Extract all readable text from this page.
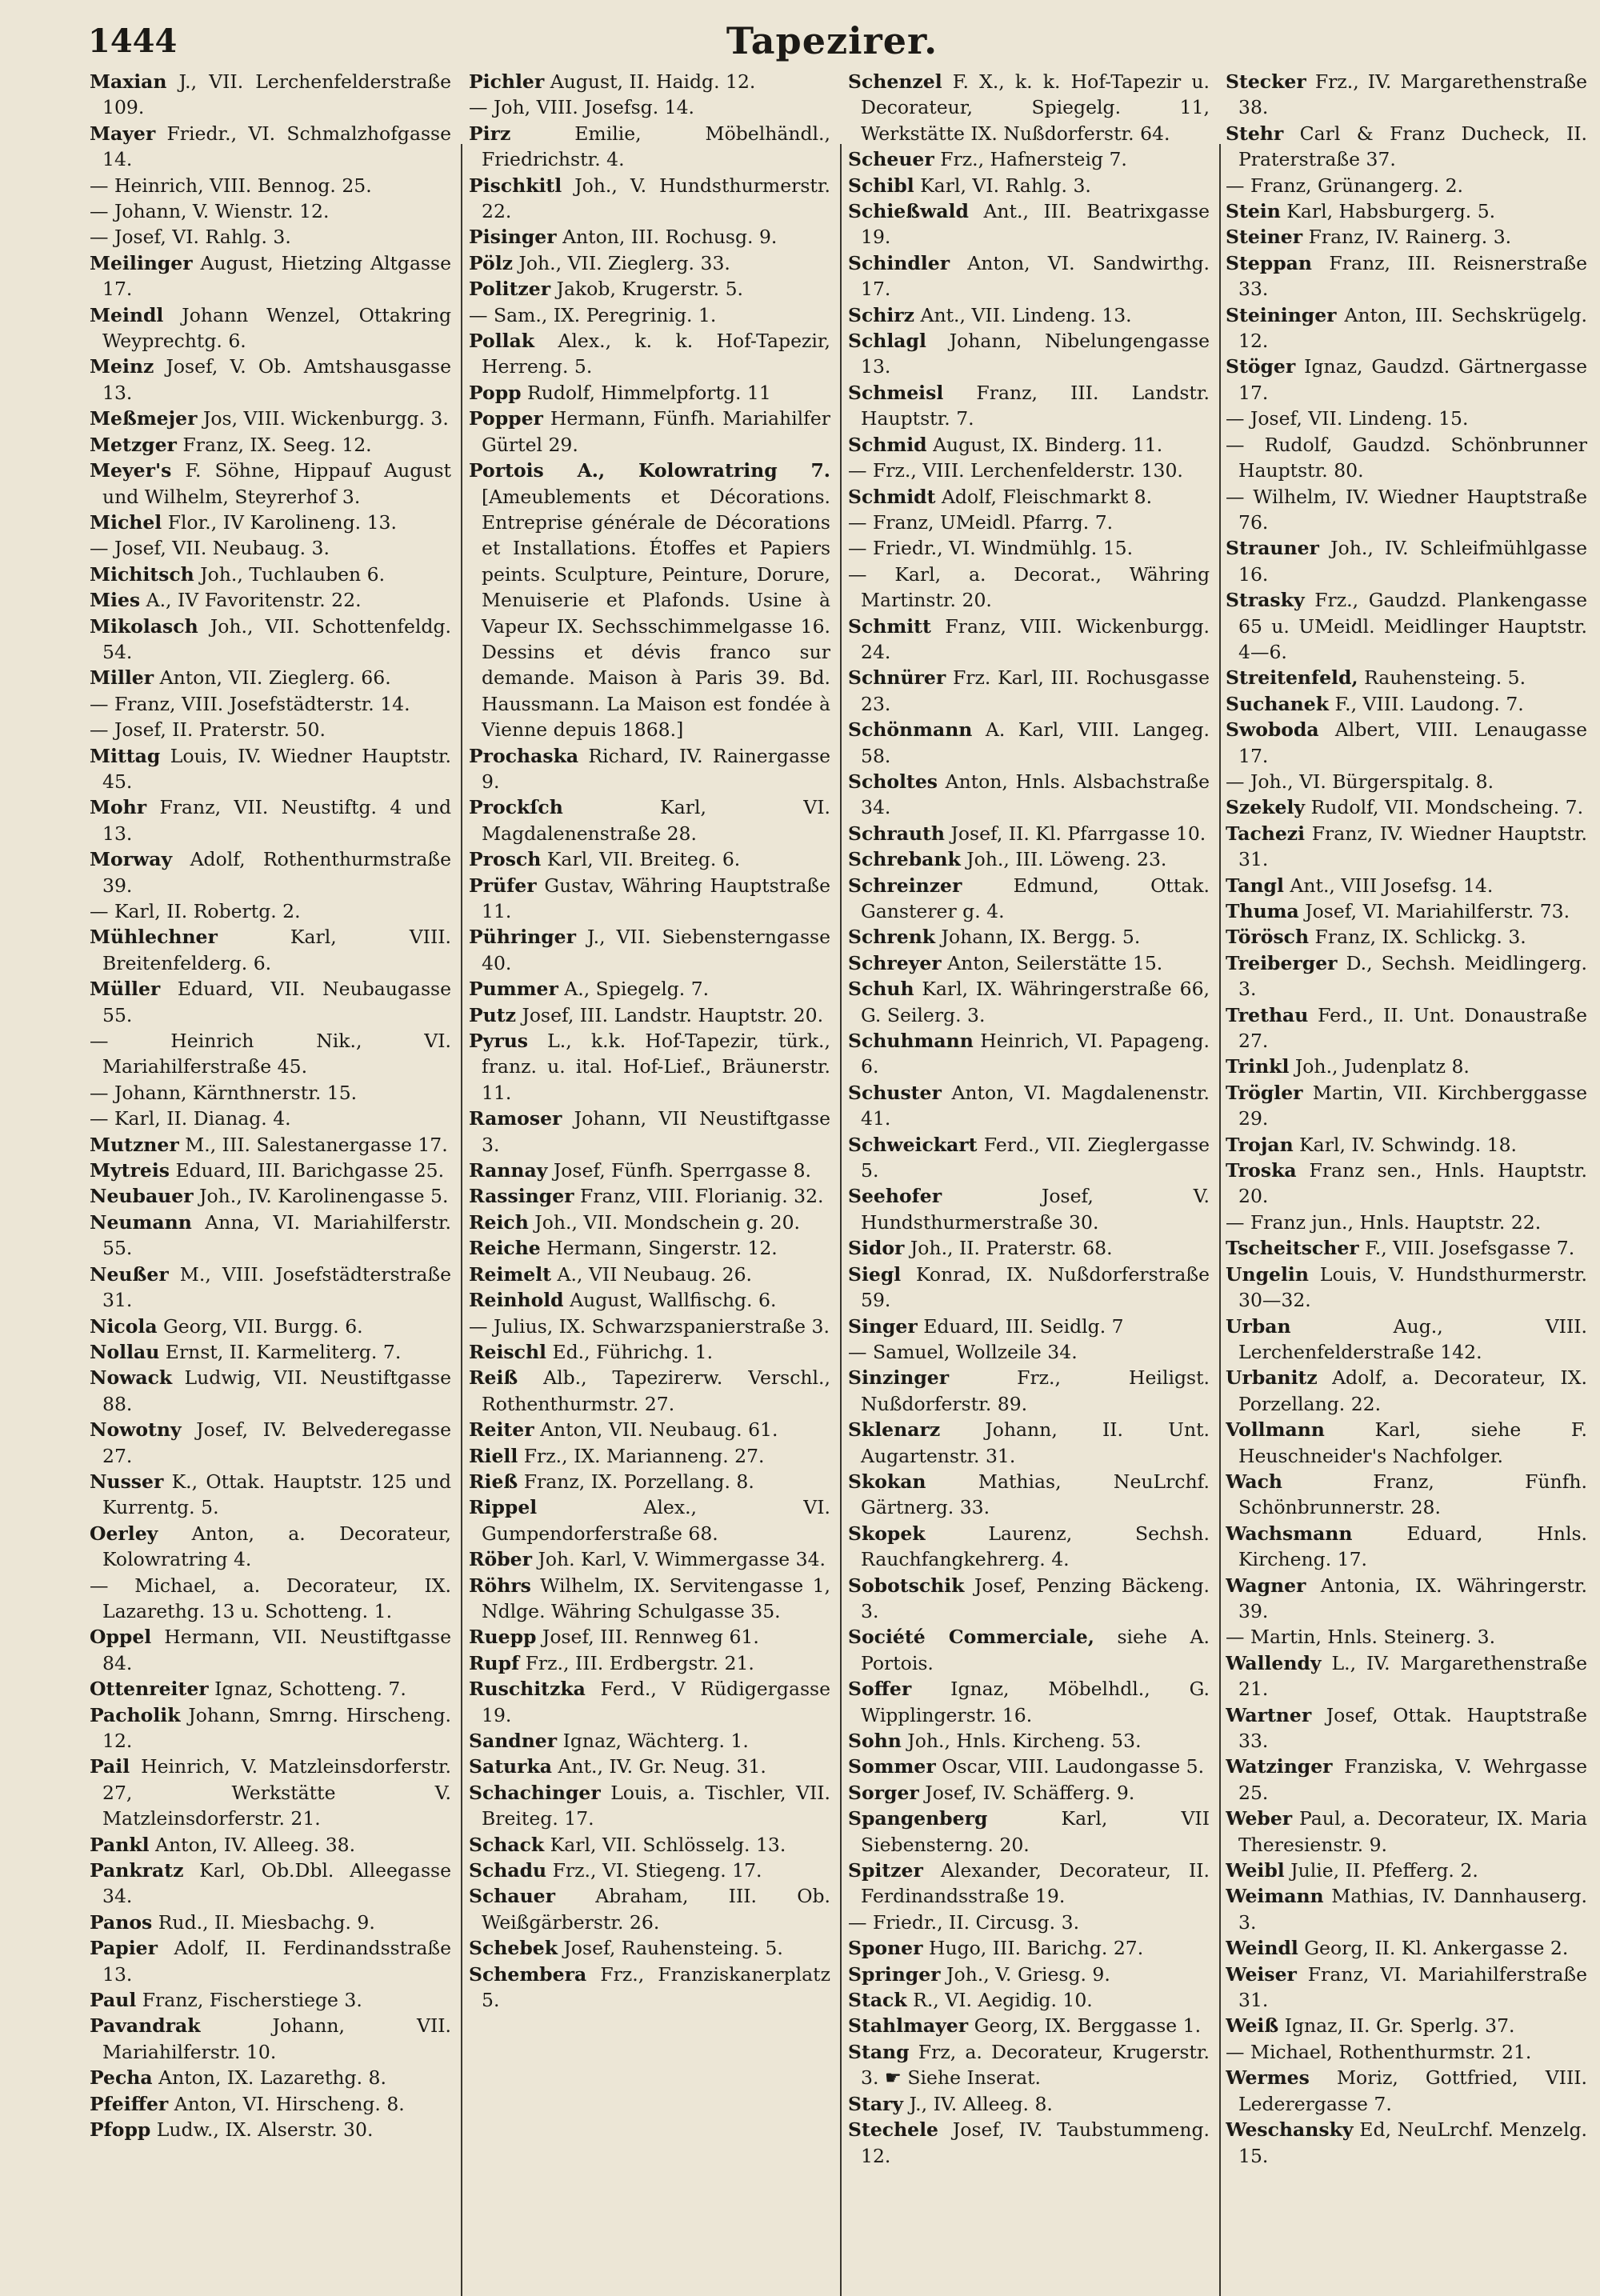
1444	Tapezirer.
Maxian J., VII. Lerchenfelderstraße 109.
Mayer Friedr., VI. Schmalzhofgasse 14.
— Heinrich, VIII. Bennog. 25.
— Johann, V. Wienstr. 12.
— Josef, VI. Rahlg. 3.
Meilinger August, Hietzing Altgasse 17.
Meindl Johann Wenzel, Ottakring Weyprechtg. 6.
Meinz Josef, V. Ob. Amtshausgasse 13.
Meßmejer Jos, VIII. Wickenburgg. 3.
Metzger Franz, IX. Seeg. 12.
Meyer's F. Söhne, Hippauf August und Wilhelm, Steyrerhof 3.
Michel Flor., IV Karolineng. 13.
— Josef, VII. Neubaug. 3.
Michitsch Joh., Tuchlauben 6.
Mies A., IV Favoritenstr. 22.
Mikolasch Joh., VII. Schottenfeldg. 54.
Miller Anton, VII. Zieglerg. 66.
— Franz, VIII. Josefstädterstr. 14.
— Josef, II. Praterstr. 50.
Mittag Louis, IV. Wiedner Hauptstr. 45.
Mohr Franz, VII. Neustiftg. 4 und 13.
Morway Adolf, Rothenthurmstraße 39.
— Karl, II. Robertg. 2.
Mühlechner Karl, VIII. Breitenfelderg. 6.
Müller Eduard, VII. Neubaugasse 55.
— Heinrich Nik., VI. Mariahilferstraße 45.
— Johann, Kärnthnerstr. 15.
— Karl, II. Dianag. 4.
Mutzner M., III. Salestanergasse 17.
Mytreis Eduard, III. Barichgasse 25.
Neubauer Joh., IV. Karolinengasse 5.
Neumann Anna, VI. Mariahilferstr. 55.
Neußer M., VIII. Josefstädterstraße 31.
Nicola Georg, VII. Burgg. 6.
Nollau Ernst, II. Karmeliterg. 7.
Nowack Ludwig, VII. Neustiftgasse 88.
Nowotny Josef, IV. Belvederegasse 27.
Nusser K., Ottak. Hauptstr. 125 und Kurrentg. 5.
Oerley Anton, a. Decorateur, Kolowratring 4.
— Michael, a. Decorateur, IX. Lazarethg. 13 u. Schotteng. 1.
Oppel Hermann, VII. Neustiftgasse 84.
Ottenreiter Ignaz, Schotteng. 7.
Pacholik Johann, Smrng. Hirscheng. 12.
Pail Heinrich, V. Matzleinsdorferstr. 27, Werkstätte V. Matzleinsdorferstr. 21.
Pankl Anton, IV. Alleeg. 38.
Pankratz Karl, Ob.Dbl. Alleegasse 34.
Panos Rud., II. Miesbachg. 9.
Papier Adolf, II. Ferdinandsstraße 13.
Paul Franz, Fischerstiege 3.
Pavandrak Johann, VII. Mariahilferstr. 10.
Pecha Anton, IX. Lazarethg. 8.
Pfeiffer Anton, VI. Hirscheng. 8.
Pfopp Ludw., IX. Alserstr. 30.
Pichler August, II. Haidg. 12.
— Joh, VIII. Josefsg. 14.
Pirz Emilie, Möbelhändl., Friedrichstr. 4.
Pischkitl Joh., V. Hundsthurmerstr. 22.
Pisinger Anton, III. Rochusg. 9.
Pölz Joh., VII. Zieglerg. 33.
Politzer Jakob, Krugerstr. 5.
— Sam., IX. Peregrinig. 1.
Pollak Alex., k. k. Hof-Tapezir, Herreng. 5.
Popp Rudolf, Himmelpfortg. 11
Popper Hermann, Fünfh. Mariahilfer Gürtel 29.
Portois A., Kolowratring 7. [Ameublements et Décorations. Entreprise générale de Décorations et Installations. Étoffes et Papiers peints. Sculpture, Peinture, Dorure, Menuiserie et Plafonds. Usine à Vapeur IX. Sechsschimmelgasse 16. Dessins et dévis franco sur demande. Maison à Paris 39. Bd. Haussmann. La Maison est fondée à Vienne depuis 1868.]
Prochaska Richard, IV. Rainergasse 9.
Prockſch Karl, VI. Magdalenenstraße 28.
Prosch Karl, VII. Breiteg. 6.
Prüfer Gustav, Währing Hauptstraße 11.
Pühringer J., VII. Siebensterngasse 40.
Pummer A., Spiegelg. 7.
Putz Josef, III. Landstr. Hauptstr. 20.
Pyrus L., k.k. Hof-Tapezir, türk., franz. u. ital. Hof-Lief., Bräunerstr. 11.
Ramoser Johann, VII Neustiftgasse 3.
Rannay Josef, Fünfh. Sperrgasse 8.
Rassinger Franz, VIII. Florianig. 32.
Reich Joh., VII. Mondschein g. 20.
Reiche Hermann, Singerstr. 12.
Reimelt A., VII Neubaug. 26.
Reinhold August, Wallfischg. 6.
— Julius, IX. Schwarzspanierstraße 3.
Reischl Ed., Führichg. 1.
Reiß Alb., Tapezirerw. Verschl., Rothenthurmstr. 27.
Reiter Anton, VII. Neubaug. 61.
Riell Frz., IX. Marianneng. 27.
Rieß Franz, IX. Porzellang. 8.
Rippel Alex., VI. Gumpendorferstraße 68.
Röber Joh. Karl, V. Wimmergasse 34.
Röhrs Wilhelm, IX. Servitengasse 1, Ndlge. Währing Schulgasse 35.
Ruepp Josef, III. Rennweg 61.
Rupf Frz., III. Erdbergstr. 21.
Ruschitzka Ferd., V Rüdigergasse 19.
Sandner Ignaz, Wächterg. 1.
Saturka Ant., IV. Gr. Neug. 31.
Schachinger Louis, a. Tischler, VII. Breiteg. 17.
Schack Karl, VII. Schlösselg. 13.
Schadu Frz., VI. Stiegeng. 17.
Schauer Abraham, III. Ob. Weißgärberstr. 26.
Schebek Josef, Rauhensteing. 5.
Schembera Frz., Franziskanerplatz 5.
Schenzel F. X., k. k. Hof-Tapezir u. Decorateur, Spiegelg. 11, Werkstätte IX. Nußdorferstr. 64.
Scheuer Frz., Hafnersteig 7.
Schibl Karl, VI. Rahlg. 3.
Schießwald Ant., III. Beatrixgasse 19.
Schindler Anton, VI. Sandwirthg. 17.
Schirz Ant., VII. Lindeng. 13.
Schlagl Johann, Nibelungengasse 13.
Schmeisl Franz, III. Landstr. Hauptstr. 7.
Schmid August, IX. Binderg. 11.
— Frz., VIII. Lerchenfelderstr. 130.
Schmidt Adolf, Fleischmarkt 8.
— Franz, UMeidl. Pfarrg. 7.
— Friedr., VI. Windmühlg. 15.
— Karl, a. Decorat., Währing Martinstr. 20.
Schmitt Franz, VIII. Wickenburgg. 24.
Schnürer Frz. Karl, III. Rochusgasse 23.
Schönmann A. Karl, VIII. Langeg. 58.
Scholtes Anton, Hnls. Alsbachstraße 34.
Schrauth Josef, II. Kl. Pfarrgasse 10.
Schrebank Joh., III. Löweng. 23.
Schreinzer Edmund, Ottak. Gansterer g. 4.
Schrenk Johann, IX. Bergg. 5.
Schreyer Anton, Seilerstätte 15.
Schuh Karl, IX. Währingerstraße 66, G. Seilerg. 3.
Schuhmann Heinrich, VI. Papageng. 6.
Schuster Anton, VI. Magdalenenstr. 41.
Schweickart Ferd., VII. Zieglergasse 5.
Seehofer Josef, V. Hundsthurmerstraße 30.
Sidor Joh., II. Praterstr. 68.
Siegl Konrad, IX. Nußdorferstraße 59.
Singer Eduard, III. Seidlg. 7
— Samuel, Wollzeile 34.
Sinzinger Frz., Heiligst. Nußdorferstr. 89.
Sklenarz Johann, II. Unt. Augartenstr. 31.
Skokan Mathias, NeuLrchf. Gärtnerg. 33.
Skopek Laurenz, Sechsh. Rauchfangkehrerg. 4.
Sobotschik Josef, Penzing Bäckeng. 3.
Société Commerciale, siehe A. Portois.
Soffer Ignaz, Möbelhdl., G. Wipplingerstr. 16.
Sohn Joh., Hnls. Kircheng. 53.
Sommer Oscar, VIII. Laudongasse 5.
Sorger Josef, IV. Schäfferg. 9.
Spangenberg Karl, VII Siebensterng. 20.
Spitzer Alexander, Decorateur, II. Ferdinandsstraße 19.
— Friedr., II. Circusg. 3.
Sponer Hugo, III. Barichg. 27.
Springer Joh., V. Griesg. 9.
Stack R., VI. Aegidig. 10.
Stahlmayer Georg, IX. Berggasse 1.
Stang Frz, a. Decorateur, Krugerstr. 3. ☛ Siehe Inserat.
Stary J., IV. Alleeg. 8.
Stechele Josef, IV. Taubstummeng. 12.
Stecker Frz., IV. Margarethenstraße 38.
Stehr Carl & Franz Ducheck, II. Praterstraße 37.
— Franz, Grünangerg. 2.
Stein Karl, Habsburgerg. 5.
Steiner Franz, IV. Rainerg. 3.
Steppan Franz, III. Reisnerstraße 33.
Steininger Anton, III. Sechskrügelg. 12.
Stöger Ignaz, Gaudzd. Gärtnergasse 17.
— Josef, VII. Lindeng. 15.
— Rudolf, Gaudzd. Schönbrunner Hauptstr. 80.
— Wilhelm, IV. Wiedner Hauptstraße 76.
Strauner Joh., IV. Schleifmühlgasse 16.
Strasky Frz., Gaudzd. Plankengasse 65 u. UMeidl. Meidlinger Hauptstr. 4—6.
Streitenfeld, Rauhensteing. 5.
Suchanek F., VIII. Laudong. 7.
Swoboda Albert, VIII. Lenaugasse 17.
— Joh., VI. Bürgerspitalg. 8.
Szekely Rudolf, VII. Mondscheing. 7.
Tachezi Franz, IV. Wiedner Hauptstr. 31.
Tangl Ant., VIII Josefsg. 14.
Thuma Josef, VI. Mariahilferstr. 73.
Törösch Franz, IX. Schlickg. 3.
Treiberger D., Sechsh. Meidlingerg. 3.
Trethau Ferd., II. Unt. Donaustraße 27.
Trinkl Joh., Judenplatz 8.
Trögler Martin, VII. Kirchberggasse 29.
Trojan Karl, IV. Schwindg. 18.
Troska Franz sen., Hnls. Hauptstr. 20.
— Franz jun., Hnls. Hauptstr. 22.
Tscheitscher F., VIII. Josefsgasse 7.
Ungelin Louis, V. Hundsthurmerstr. 30—32.
Urban Aug., VIII. Lerchenfelderstraße 142.
Urbanitz Adolf, a. Decorateur, IX. Porzellang. 22.
Vollmann Karl, siehe F. Heuschneider's Nachfolger.
Wach Franz, Fünfh. Schönbrunnerstr. 28.
Wachsmann Eduard, Hnls. Kircheng. 17.
Wagner Antonia, IX. Währingerstr. 39.
— Martin, Hnls. Steinerg. 3.
Wallendy L., IV. Margarethenstraße 21.
Wartner Josef, Ottak. Hauptstraße 33.
Watzinger Franziska, V. Wehrgasse 25.
Weber Paul, a. Decorateur, IX. Maria Theresienstr. 9.
Weibl Julie, II. Pfefferg. 2.
Weimann Mathias, IV. Dannhauserg. 3.
Weindl Georg, II. Kl. Ankergasse 2.
Weiser Franz, VI. Mariahilferstraße 31.
Weiß Ignaz, II. Gr. Sperlg. 37.
— Michael, Rothenthurmstr. 21.
Wermes Moriz, Gottfried, VIII. Lederergasse 7.
Weschansky Ed, NeuLrchf. Menzelg. 15.
